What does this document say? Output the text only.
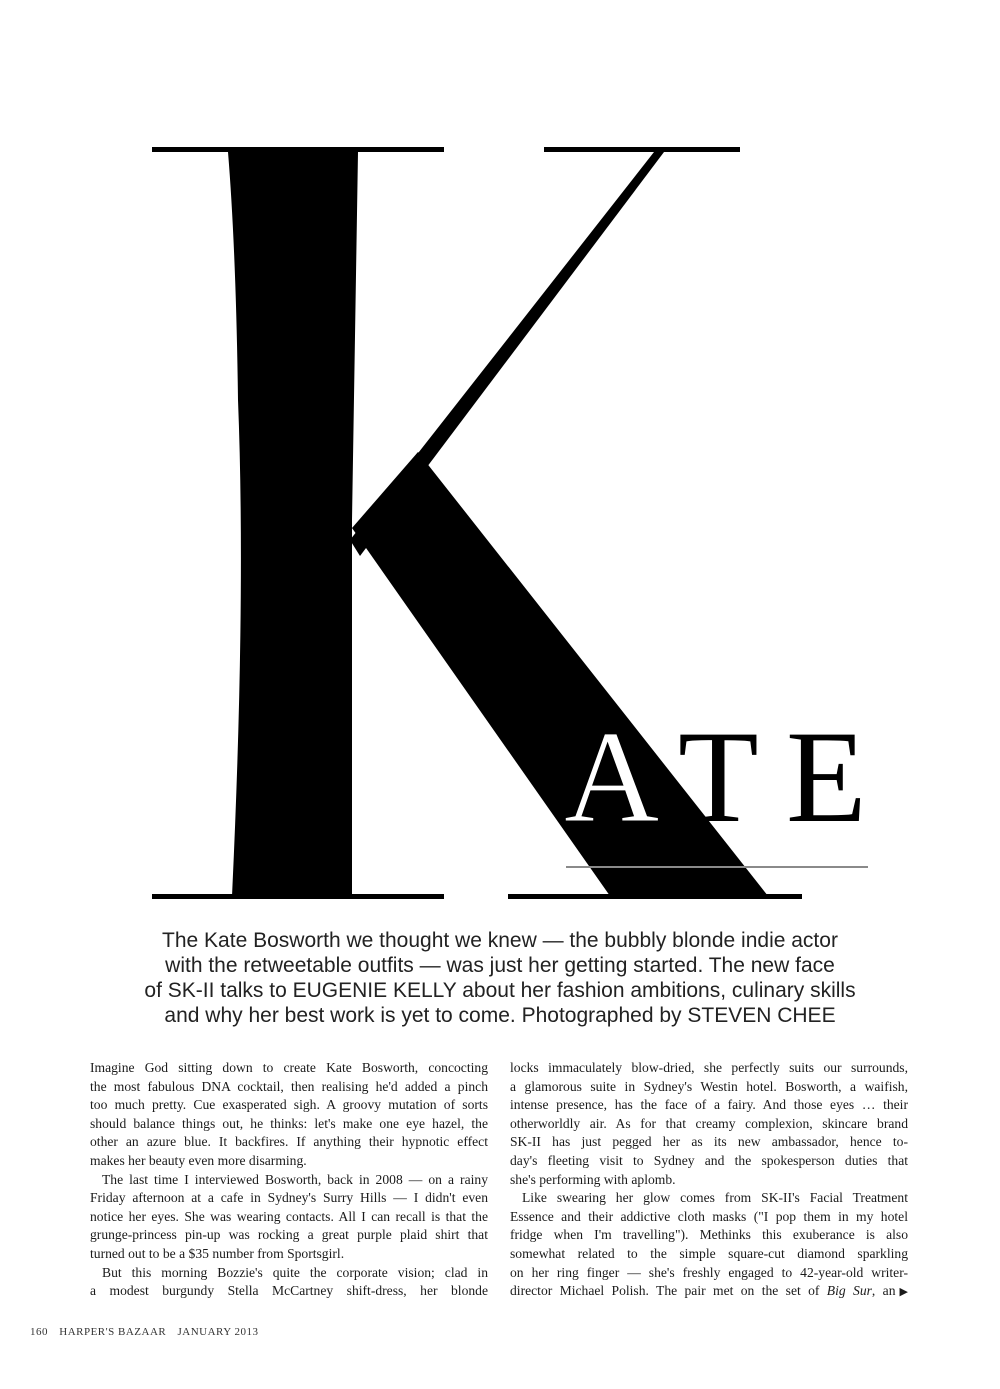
A T E

The Kate Bosworth we thought we knew — the bubbly blonde indie actor

with the retweetable outfits — was just her getting started. The new face

of SK-II talks to EUGENIE KELLY about her fashion ambitions, culinary skills

and why her best work is yet to come. Photographed by STEVEN CHEE

Imagine God sitting down to create Kate Bosworth, concocting
the most fabulous DNA cocktail, then realising he'd added a pinch
too much pretty. Cue exasperated sigh. A groovy mutation of sorts
should balance things out, he thinks: let's make one eye hazel, the
other an azure blue. It backfires. If anything their hypnotic effect
makes her beauty even more disarming.
The last time I interviewed Bosworth, back in 2008 — on a rainy
Friday afternoon at a cafe in Sydney's Surry Hills — I didn't even
notice her eyes. She was wearing contacts. All I can recall is that the
grunge-princess pin-up was rocking a great purple plaid shirt that
turned out to be a $35 number from Sportsgirl.
But this morning Bozzie's quite the corporate vision; clad in
a modest burgundy Stella McCartney shift-dress, her blonde
locks immaculately blow-dried, she perfectly suits our surrounds,
a glamorous suite in Sydney's Westin hotel. Bosworth, a waifish,
intense presence, has the face of a fairy. And those eyes … their
otherworldly air. As for that creamy complexion, skincare brand
SK-II has just pegged her as its new ambassador, hence to-
day's fleeting visit to Sydney and the spokesperson duties that
she's performing with aplomb.
Like swearing her glow comes from SK-II's Facial Treatment
Essence and their addictive cloth masks ("I pop them in my hotel
fridge when I'm travelling"). Methinks this exuberance is also
somewhat related to the simple square-cut diamond sparkling
on her ring finger — she's freshly engaged to 42-year-old writer-
director Michael Polish. The pair met on the set of Big Sur, an ▶
160 HARPER'S BAZAAR JANUARY 2013
